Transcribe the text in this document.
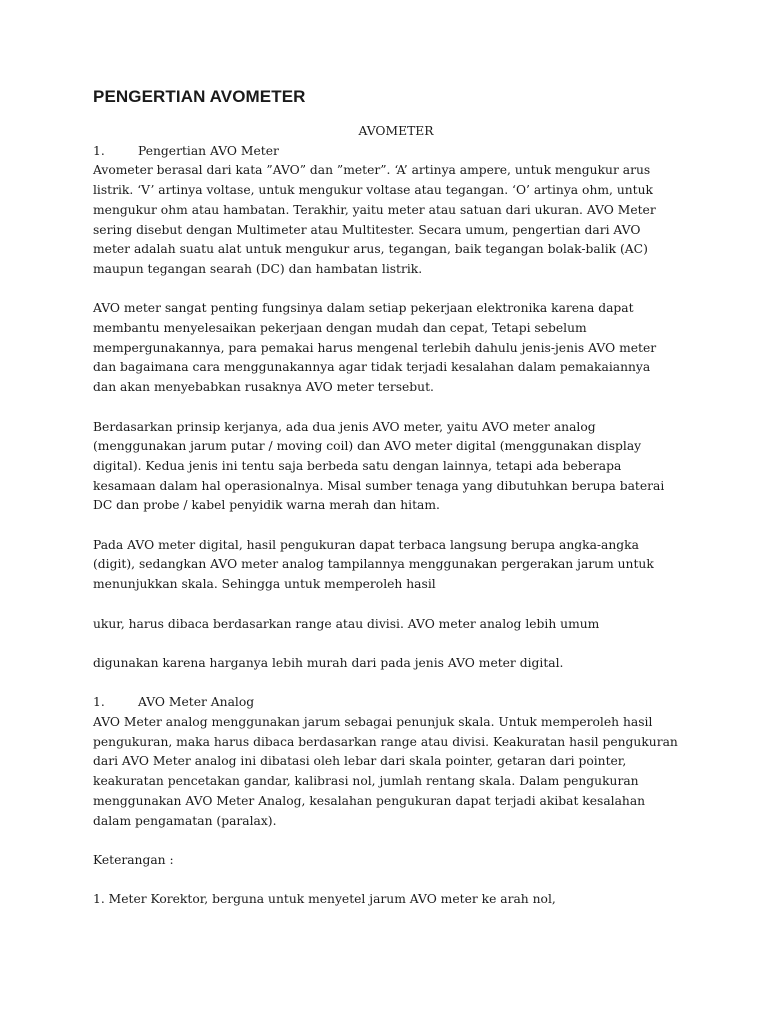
PENGERTIAN AVOMETER
AVOMETER
1.	Pengertian AVO Meter
Avometer berasal dari kata ”AVO” dan ”meter”. ‘A’ artinya ampere, untuk mengukur arus
listrik. ‘V’ artinya voltase, untuk mengukur voltase atau tegangan. ‘O’ artinya ohm, untuk
mengukur ohm atau hambatan. Terakhir, yaitu meter atau satuan dari ukuran. AVO Meter
sering disebut dengan Multimeter atau Multitester. Secara umum, pengertian dari AVO
meter adalah suatu alat untuk mengukur arus, tegangan, baik tegangan bolak-balik (AC)
maupun tegangan searah (DC) dan hambatan listrik.
AVO meter sangat penting fungsinya dalam setiap pekerjaan elektronika karena dapat
membantu menyelesaikan pekerjaan dengan mudah dan cepat, Tetapi sebelum
mempergunakannya, para pemakai harus mengenal terlebih dahulu jenis-jenis AVO meter
dan bagaimana cara menggunakannya agar tidak terjadi kesalahan dalam pemakaiannya
dan akan menyebabkan rusaknya AVO meter tersebut.
Berdasarkan prinsip kerjanya, ada dua jenis AVO meter, yaitu AVO meter analog
(menggunakan jarum putar / moving coil) dan AVO meter digital (menggunakan display
digital). Kedua jenis ini tentu saja berbeda satu dengan lainnya, tetapi ada beberapa
kesamaan dalam hal operasionalnya. Misal sumber tenaga yang dibutuhkan berupa baterai
DC dan probe / kabel penyidik warna merah dan hitam.
Pada AVO meter digital, hasil pengukuran dapat terbaca langsung berupa angka-angka
(digit), sedangkan AVO meter analog tampilannya menggunakan pergerakan jarum untuk
menunjukkan skala. Sehingga untuk memperoleh hasil
ukur, harus dibaca berdasarkan range atau divisi. AVO meter analog lebih umum
digunakan karena harganya lebih murah dari pada jenis AVO meter digital.
1.	AVO Meter Analog
AVO Meter analog menggunakan jarum sebagai penunjuk skala. Untuk memperoleh hasil
pengukuran, maka harus dibaca berdasarkan range atau divisi. Keakuratan hasil pengukuran
dari AVO Meter analog ini dibatasi oleh lebar dari skala pointer, getaran dari pointer,
keakuratan pencetakan gandar, kalibrasi nol, jumlah rentang skala. Dalam pengukuran
menggunakan AVO Meter Analog, kesalahan pengukuran dapat terjadi akibat kesalahan
dalam pengamatan (paralax).
Keterangan :
1. Meter Korektor, berguna untuk menyetel jarum AVO meter ke arah nol,
